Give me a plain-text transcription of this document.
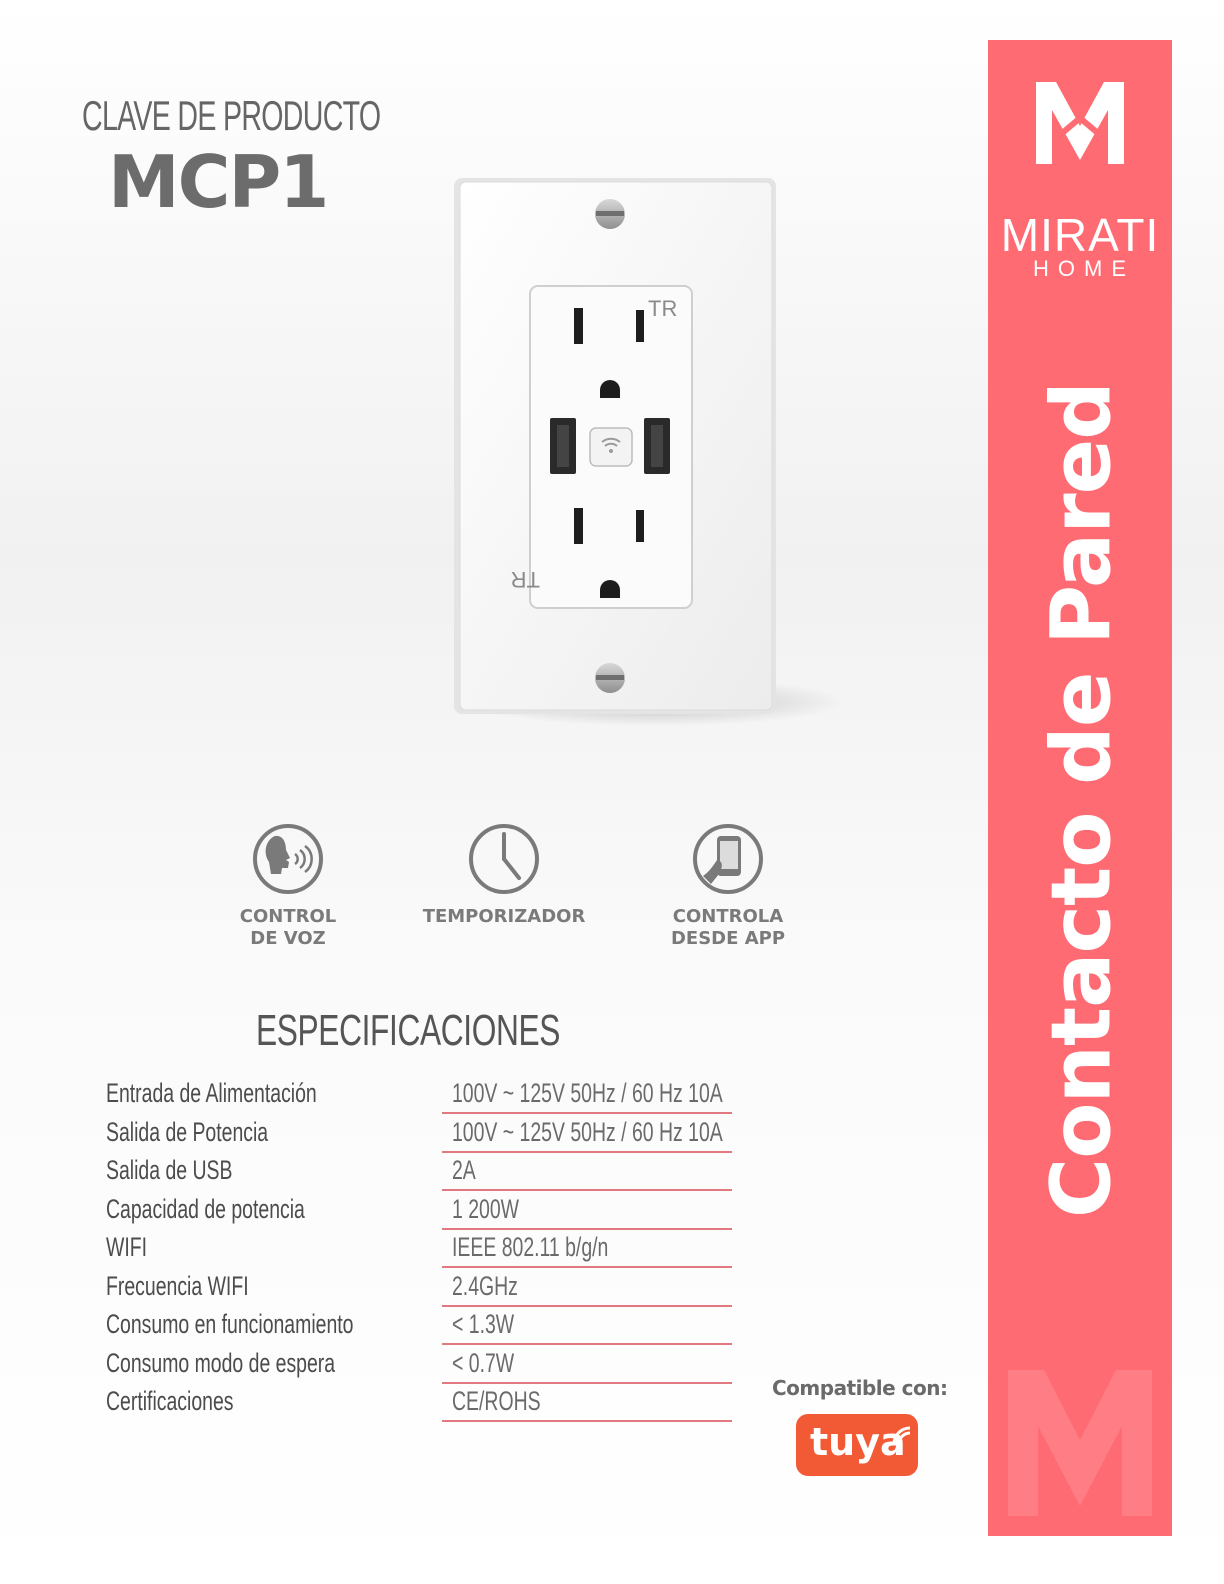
CLAVE DE PRODUCTO
MCP1
TR
TR
CONTROL
DE VOZ
TEMPORIZADOR	CONTROLA
DESDE APP
ESPECIFICACIONES
Entrada de Alimentación	100V ~ 125V 50Hz / 60 Hz 10A
Salida de Potencia	100V ~ 125V 50Hz / 60 Hz 10A
Salida de USB	2A
Capacidad de potencia	1 200W
WIFI	IEEE 802.11 b/g/n
Frecuencia WIFI	2.4GHz
Consumo en funcionamiento	< 1.3W
Consumo modo de espera	< 0.7W
Certificaciones	CE/ROHS	Compatible con:
tuya
MIRATI
HOME
Contacto de Pared
